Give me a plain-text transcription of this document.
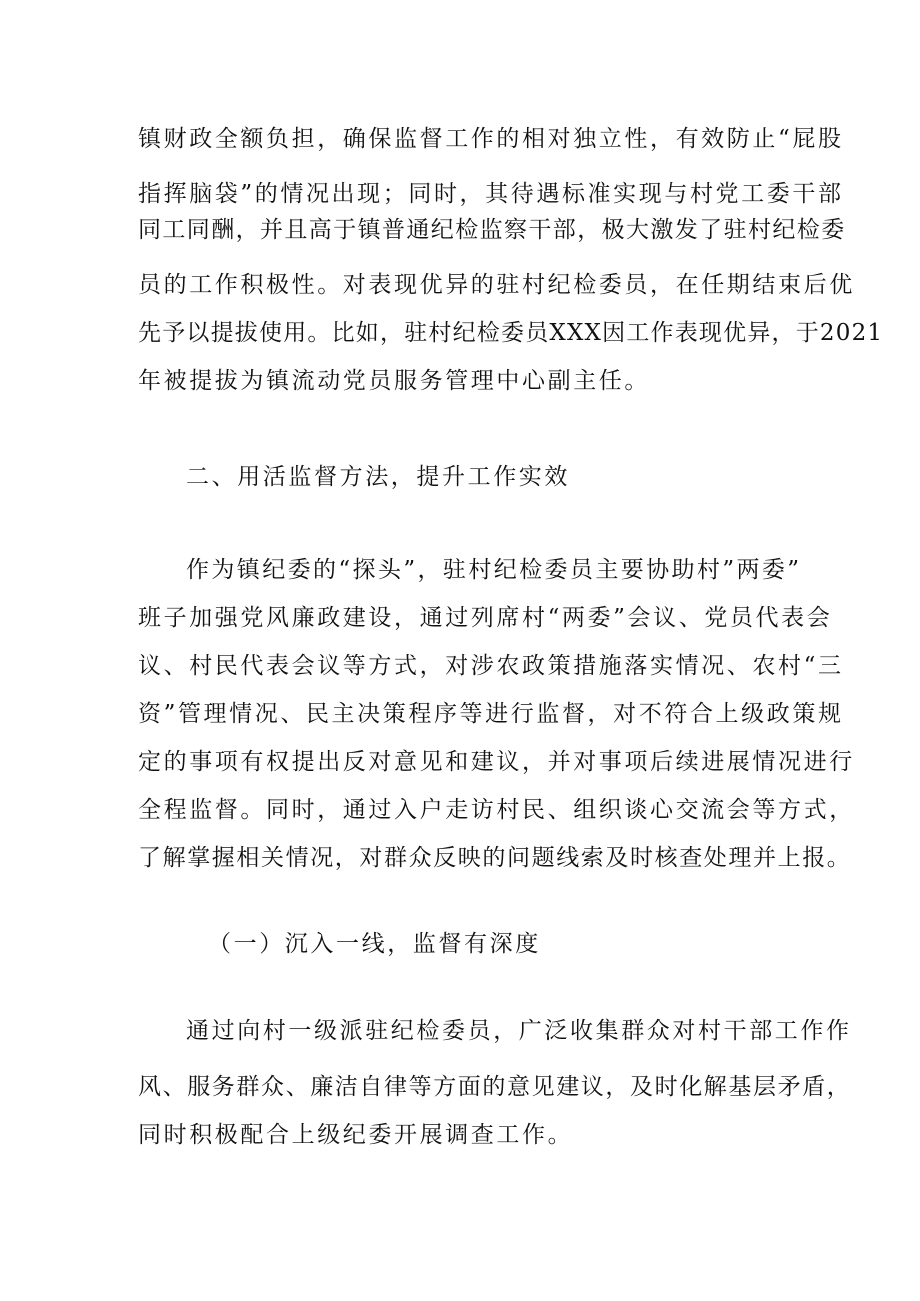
镇财政全额负担，确保监督工作的相对独立性，有效防止“屁股
指挥脑袋”的情况出现；同时，其待遇标准实现与村党工委干部
同工同酬，并且高于镇普通纪检监察干部，极大激发了驻村纪检委
员的工作积极性。对表现优异的驻村纪检委员，在任期结束后优
先予以提拔使用。比如，驻村纪检委员XXX因工作表现优异，于2021
年被提拔为镇流动党员服务管理中心副主任。
二、用活监督方法，提升工作实效
作为镇纪委的“探头”，驻村纪检委员主要协助村”两委”
班子加强党风廉政建设，通过列席村“两委”会议、党员代表会
议、村民代表会议等方式，对涉农政策措施落实情况、农村“三
资”管理情况、民主决策程序等进行监督，对不符合上级政策规
定的事项有权提出反对意见和建议，并对事项后续进展情况进行
全程监督。同时，通过入户走访村民、组织谈心交流会等方式，
了解掌握相关情况，对群众反映的问题线索及时核查处理并上报。
（一）沉入一线，监督有深度
通过向村一级派驻纪检委员，广泛收集群众对村干部工作作
风、服务群众、廉洁自律等方面的意见建议，及时化解基层矛盾，
同时积极配合上级纪委开展调查工作。
